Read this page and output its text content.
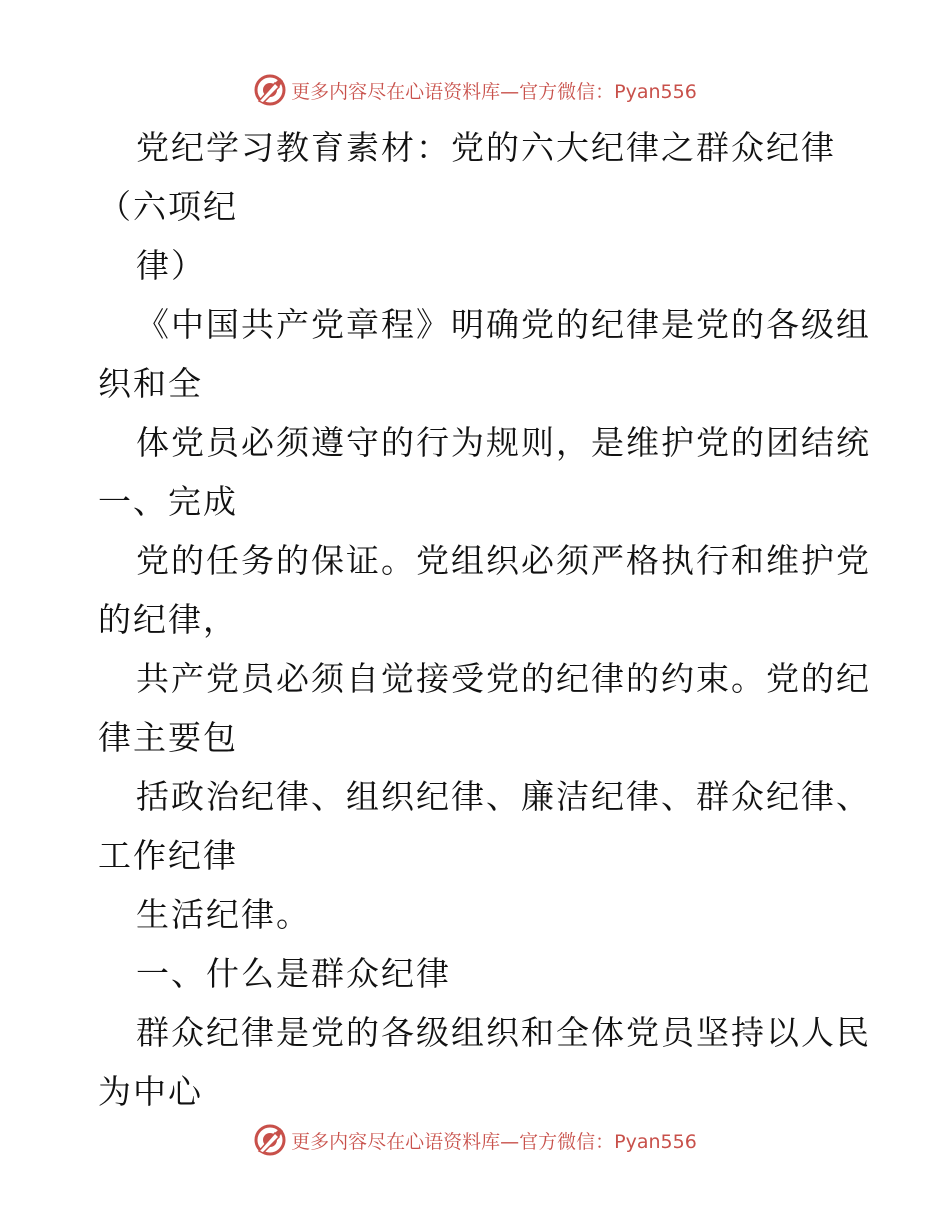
更多内容尽在心语资料库—官方微信：Pyan556

党纪学习教育素材：党的六大纪律之群众纪律

（六项纪

律）

《中国共产党章程》明确党的纪律是党的各级组

织和全

体党员必须遵守的行为规则，是维护党的团结统

一、完成

党的任务的保证。党组织必须严格执行和维护党

的纪律，

共产党员必须自觉接受党的纪律的约束。党的纪

律主要包

括政治纪律、组织纪律、廉洁纪律、群众纪律、

工作纪律

生活纪律。

一、什么是群众纪律

群众纪律是党的各级组织和全体党员坚持以人民

为中心

更多内容尽在心语资料库—官方微信：Pyan556
